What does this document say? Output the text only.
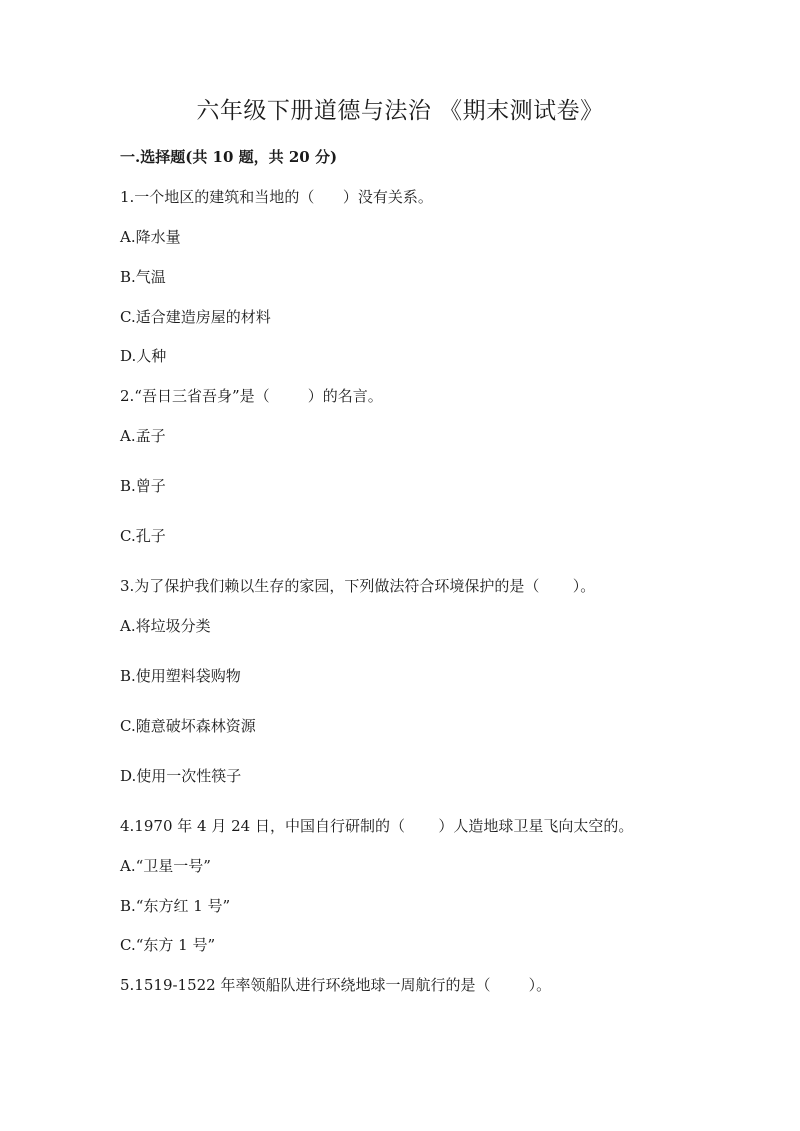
六年级下册道德与法治 《期末测试卷》
一.选择题(共 10 题，共 20 分)
1.一个地区的建筑和当地的（      ）没有关系。
A.降水量
B.气温
C.适合建造房屋的材料
D.人种
2.“吾日三省吾身”是（        ）的名言。
A.孟子
B.曾子
C.孔子
3.为了保护我们赖以生存的家园，下列做法符合环境保护的是（       ）。
A.将垃圾分类
B.使用塑料袋购物
C.随意破坏森林资源
D.使用一次性筷子
4.1970 年 4 月 24 日，中国自行研制的（       ）人造地球卫星飞向太空的。
A.“卫星一号”
B.“东方红 1 号”
C.“东方 1 号”
5.1519-1522 年率领船队进行环绕地球一周航行的是（        ）。
